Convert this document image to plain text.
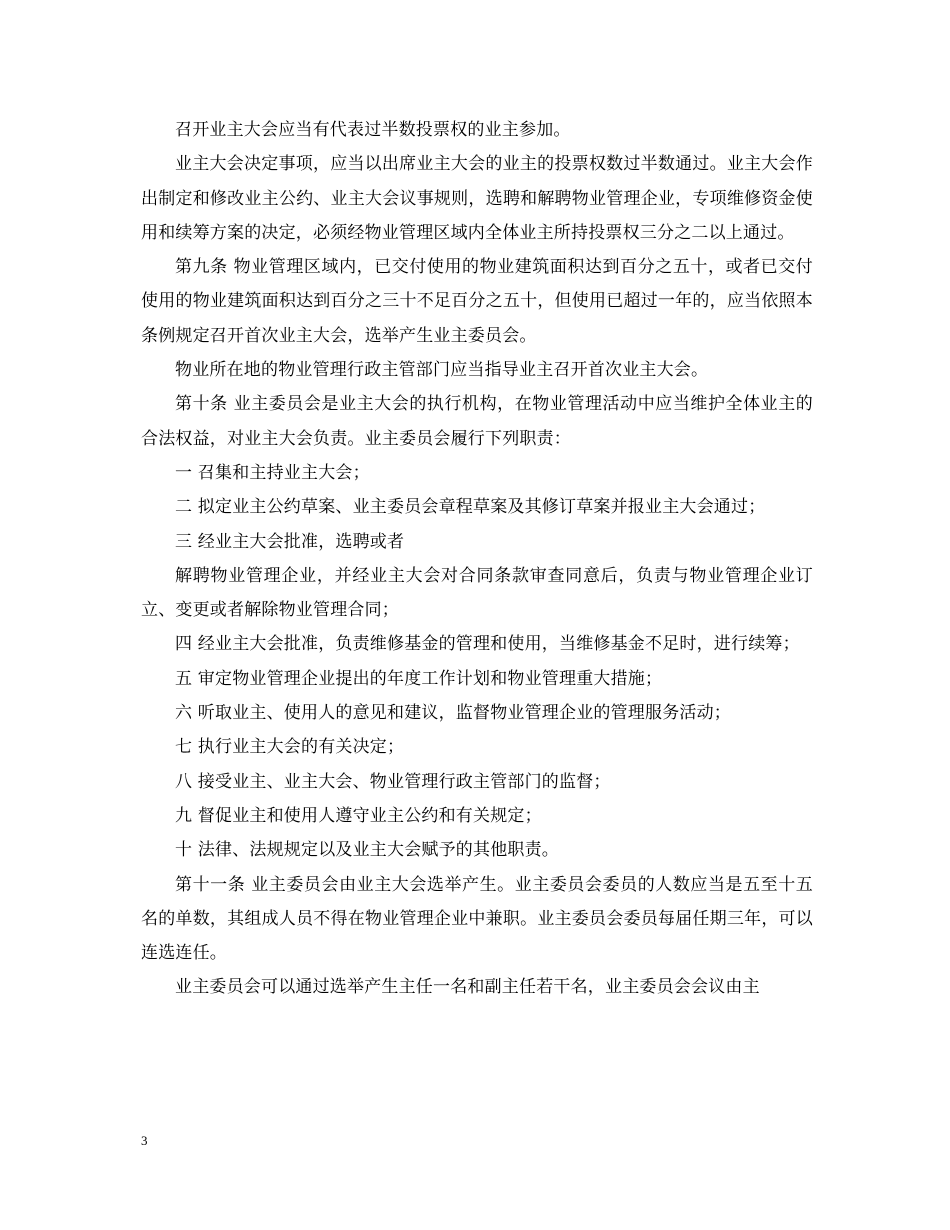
召开业主大会应当有代表过半数投票权的业主参加。

业主大会决定事项，应当以出席业主大会的业主的投票权数过半数通过。业主大会作出制定和修改业主公约、业主大会议事规则，选聘和解聘物业管理企业，专项维修资金使用和续筹方案的决定，必须经物业管理区域内全体业主所持投票权三分之二以上通过。

第九条 物业管理区域内，已交付使用的物业建筑面积达到百分之五十，或者已交付使用的物业建筑面积达到百分之三十不足百分之五十，但使用已超过一年的，应当依照本条例规定召开首次业主大会，选举产生业主委员会。

物业所在地的物业管理行政主管部门应当指导业主召开首次业主大会。

第十条 业主委员会是业主大会的执行机构，在物业管理活动中应当维护全体业主的合法权益，对业主大会负责。业主委员会履行下列职责：

一 召集和主持业主大会；

二 拟定业主公约草案、业主委员会章程草案及其修订草案并报业主大会通过；

三 经业主大会批准，选聘或者

解聘物业管理企业，并经业主大会对合同条款审查同意后，负责与物业管理企业订立、变更或者解除物业管理合同；

四 经业主大会批准，负责维修基金的管理和使用，当维修基金不足时，进行续筹；

五 审定物业管理企业提出的年度工作计划和物业管理重大措施；

六 听取业主、使用人的意见和建议，监督物业管理企业的管理服务活动；

七 执行业主大会的有关决定；

八 接受业主、业主大会、物业管理行政主管部门的监督；

九 督促业主和使用人遵守业主公约和有关规定；

十 法律、法规规定以及业主大会赋予的其他职责。

第十一条 业主委员会由业主大会选举产生。业主委员会委员的人数应当是五至十五名的单数，其组成人员不得在物业管理企业中兼职。业主委员会委员每届任期三年，可以连选连任。

业主委员会可以通过选举产生主任一名和副主任若干名，业主委员会会议由主

3
